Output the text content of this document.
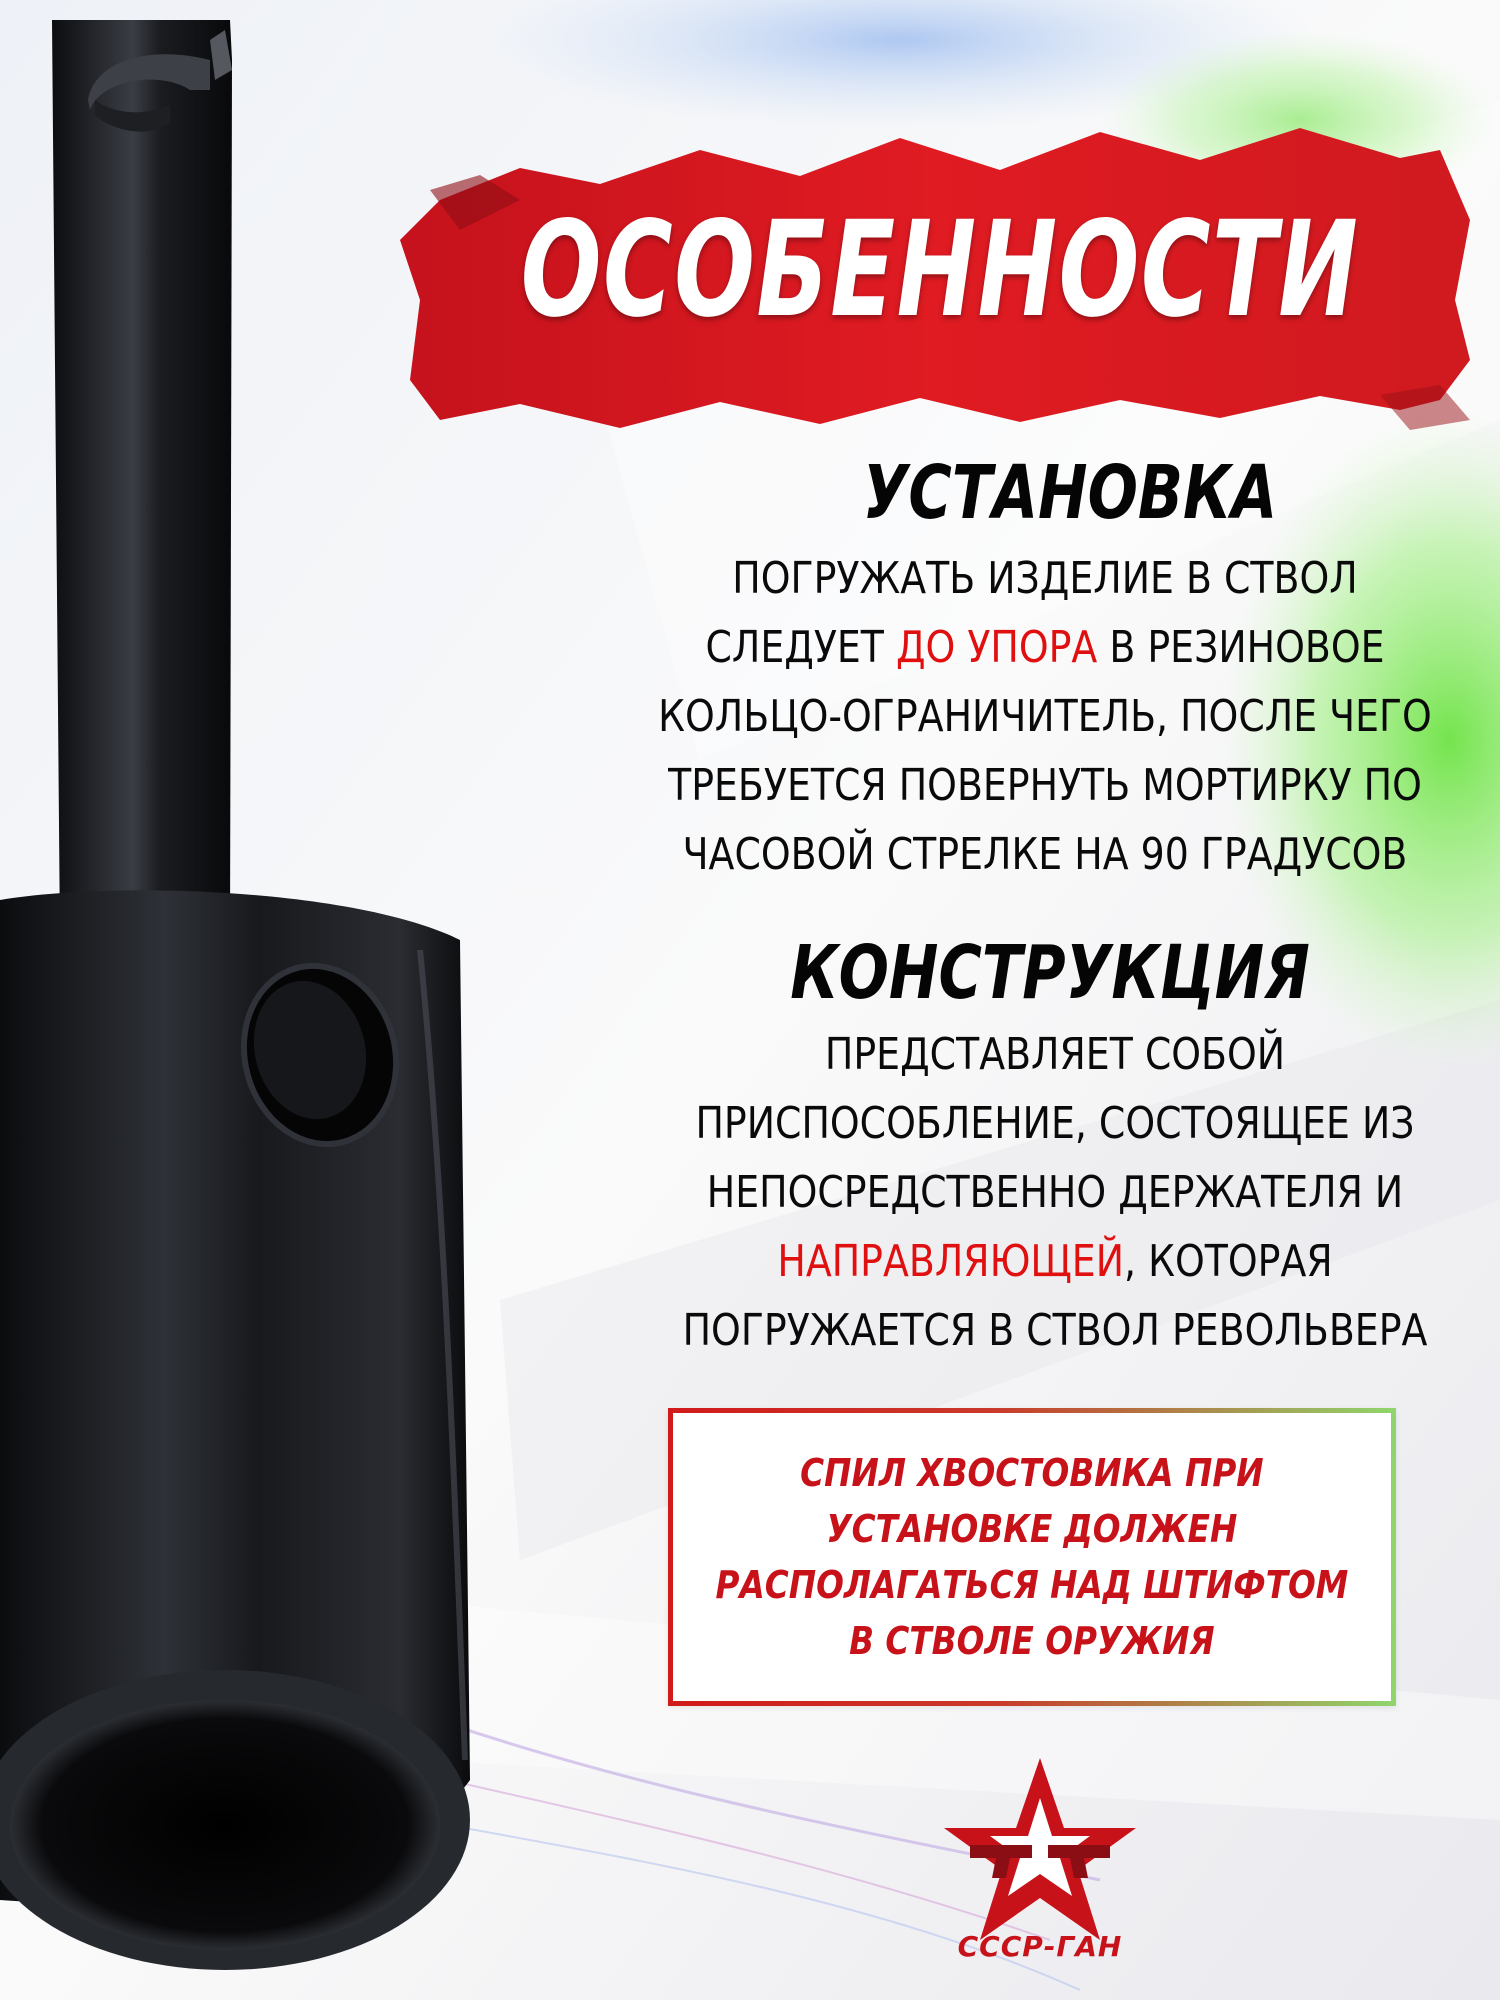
ОСОБЕННОСТИ
УСТАНОВКА
ПОГРУЖАТЬ ИЗДЕЛИЕ В СТВОЛ
СЛЕДУЕТ ДО УПОРА В РЕЗИНОВОЕ
КОЛЬЦО-ОГРАНИЧИТЕЛЬ, ПОСЛЕ ЧЕГО
ТРЕБУЕТСЯ ПОВЕРНУТЬ МОРТИРКУ ПО
ЧАСОВОЙ СТРЕЛКЕ НА 90 ГРАДУСОВ
КОНСТРУКЦИЯ
ПРЕДСТАВЛЯЕТ СОБОЙ
ПРИСПОСОБЛЕНИЕ, СОСТОЯЩЕЕ ИЗ
НЕПОСРЕДСТВЕННО ДЕРЖАТЕЛЯ И
НАПРАВЛЯЮЩЕЙ, КОТОРАЯ
ПОГРУЖАЕТСЯ В СТВОЛ РЕВОЛЬВЕРА
СПИЛ ХВОСТОВИКА ПРИ
УСТАНОВКЕ ДОЛЖЕН
РАСПОЛАГАТЬСЯ НАД ШТИФТОМ
В СТВОЛЕ ОРУЖИЯ
СССР-ГАН
